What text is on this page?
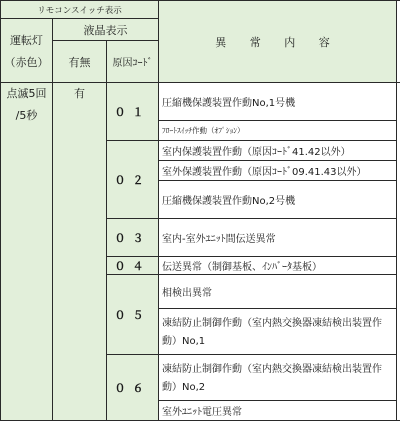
リモコンスイッチ表示			異 常 内 容	

運転灯
（赤色）	液晶表示			
	有無	原因ｺｰﾄﾞ		

点滅5回
/5秒	有	０１	圧縮機保護装置作動No,1号機	
			ﾌﾛｰﾄｽｲｯﾁ作動（ｵﾌﾟｼｮﾝ）	
		０２	室内保護装置作動（原因ｺｰﾄﾞ41.42以外）	
			室外保護装置作動（原因ｺｰﾄﾞ09.41.43以外）	
			圧縮機保護装置作動No,2号機	
		０３	室内-室外ﾕﾆｯﾄ間伝送異常	
		０４	伝送異常（制御基板、ｲﾝﾊﾞｰﾀ基板）	
		０５	相検出異常	
			凍結防止制御作動（室内熱交換器凍結検出装置作動）No,1	
		０６	凍結防止制御作動（室内熱交換器凍結検出装置作動）No,2	
			室外ﾕﾆｯﾄ電圧異常	
